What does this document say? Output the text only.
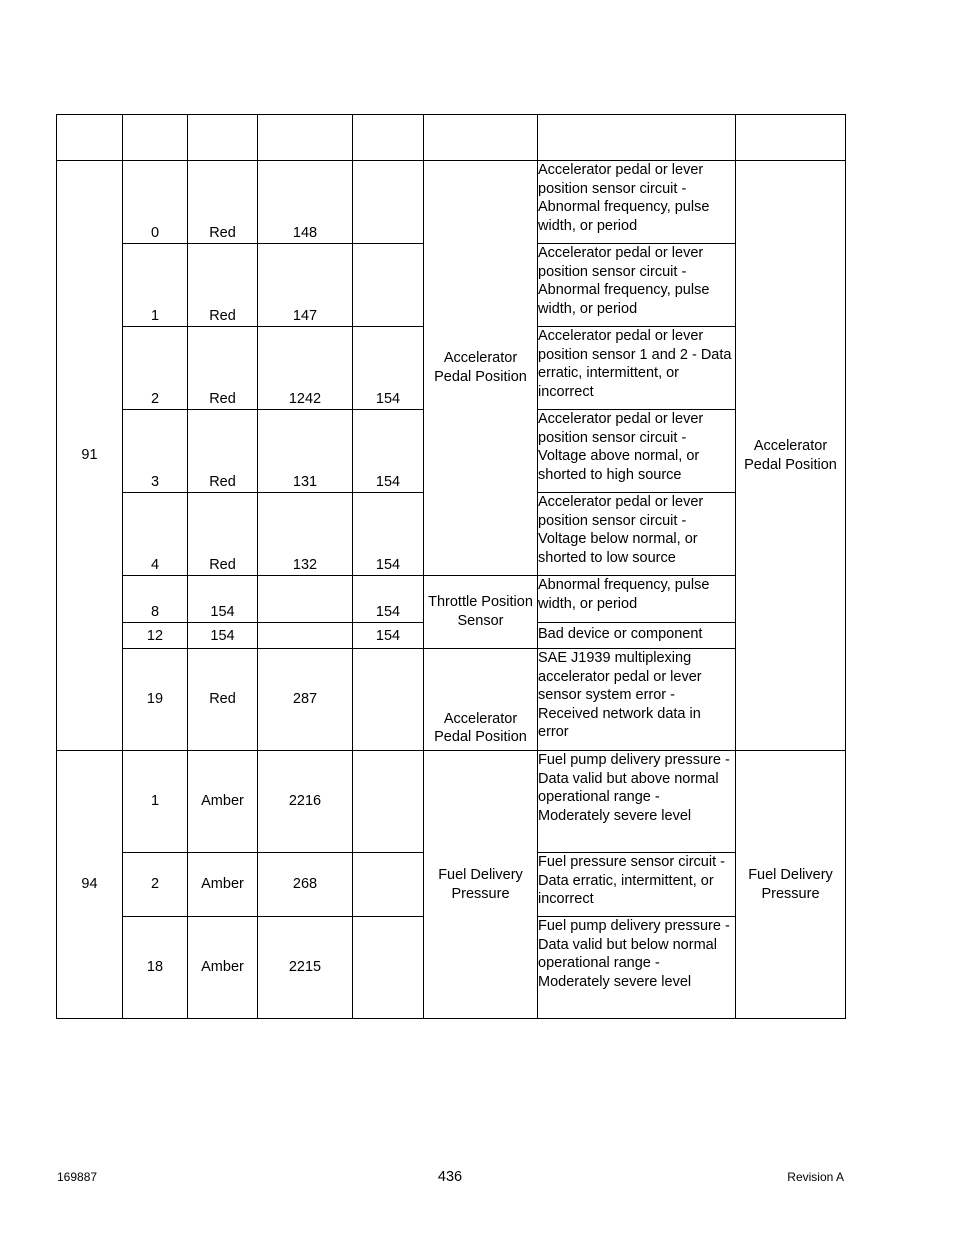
91	0	Red	148		Accelerator Pedal Position	Accelerator pedal or lever position sensor circuit - Abnormal frequency, pulse width, or period	Accelerator Pedal Position
	1	Red	147			Accelerator pedal or lever position sensor circuit - Abnormal frequency, pulse width, or period	
	2	Red	1242	154		Accelerator pedal or lever position sensor 1 and 2 - Data erratic, intermittent, or incorrect	
	3	Red	131	154		Accelerator pedal or lever position sensor circuit - Voltage above normal, or shorted to high source	
	4	Red	132	154		Accelerator pedal or lever position sensor circuit - Voltage below normal, or shorted to low source	
	8	154		154	Throttle Position Sensor	Abnormal frequency, pulse width, or period	
	12	154		154		Bad device or component	
	19	Red	287		Accelerator Pedal Position	SAE J1939 multiplexing accelerator pedal or lever sensor system error - Received network data in error	
94	1	Amber	2216		Fuel Delivery Pressure	Fuel pump delivery pressure - Data valid but above normal operational range - Moderately severe level	Fuel Delivery Pressure
	2	Amber	268			Fuel pressure sensor circuit - Data erratic, intermittent, or incorrect	
	18	Amber	2215			Fuel pump delivery pressure - Data valid but below normal operational range - Moderately severe level	
169887	436	Revision A
